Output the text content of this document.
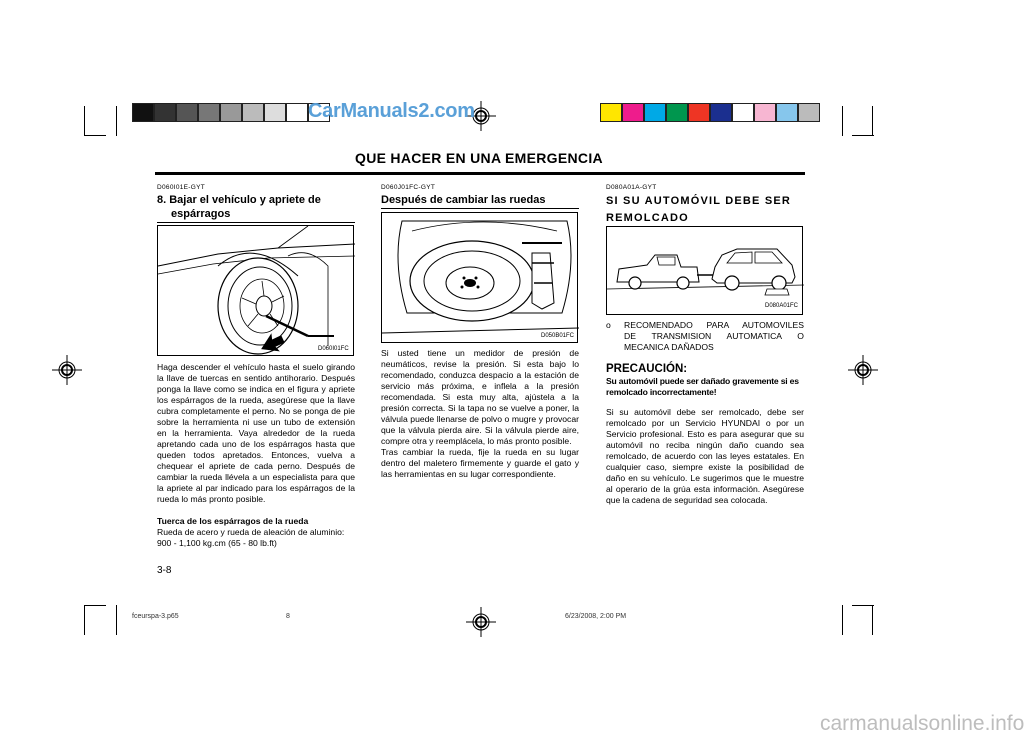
CarManuals2.com
QUE HACER EN UNA EMERGENCIA
D060I01E-GYT
8. Bajar el vehículo y apriete de
espárragos
D060I01FC

Haga descender el vehículo hasta el suelo girando la llave de tuercas en sentido antihorario. Después ponga la llave como se indica en el figura y apriete los espárragos de la rueda, asegúrese que la llave cubra completamente el perno. No se ponga de pie sobre la herramienta ni use un tubo de extensión en la herramienta. Vaya alrededor de la rueda apretando cada uno de los espárragos hasta que queden todos apretados. Entonces, vuelva a chequear el apriete de cada perno. Después de cambiar la rueda llévela a un especialista para que la apriete al par indicado para los espárragos de la rueda lo más pronto posible.

Tuerca de los espárragos de la rueda

Rueda de acero y rueda de aleación de aluminio:

900 - 1,100 kg.cm (65 - 80 lb.ft)

3-8
D060J01FC-GYT
Después de cambiar las ruedas
D050B01FC

Si usted tiene un medidor de presión de neumáticos, revise la presión. Si esta bajo lo recomendado, conduzca despacio a la estación de servicio más próxima, e inflela a la presión recomendada. Si esta muy alta, ajústela a la presión correcta. Si la tapa no se vuelve a poner, la válvula puede llenarse de polvo o mugre y provocar que la válvula pierda aire. Si la válvula pierde aire, compre otra y reemplácela, lo más pronto posible.

Tras cambiar la rueda, fije la rueda en su lugar dentro del maletero firmemente y guarde el gato y las herramientas en su lugar correspondiente.

D080A01A-GYT
SI SU AUTOMÓVIL DEBE SER
REMOLCADO
D080A01FC
o	RECOMENDADO PARA AUTOMOVILES
DE TRANSMISION AUTOMATICA O
MECANICA DAÑADOS
PRECAUCIÓN:
Su automóvil puede ser dañado gravemente si es remolcado incorrectamente!
Si su automóvil debe ser remolcado, debe ser remolcado por un Servicio HYUNDAI o por un Servicio profesional. Esto es para asegurar que su automóvil no reciba ningún daño cuando sea remolcado, de acuerdo con las leyes estatales. En cualquier caso, siempre existe la posibilidad de daño en su vehículo. Le sugerimos que le muestre al operario de la grúa esta información. Asegúrese que la cadena de seguridad sea colocada.
fceurspa-3.p65	8	6/23/2008, 2:00 PM
carmanualsonline.info
